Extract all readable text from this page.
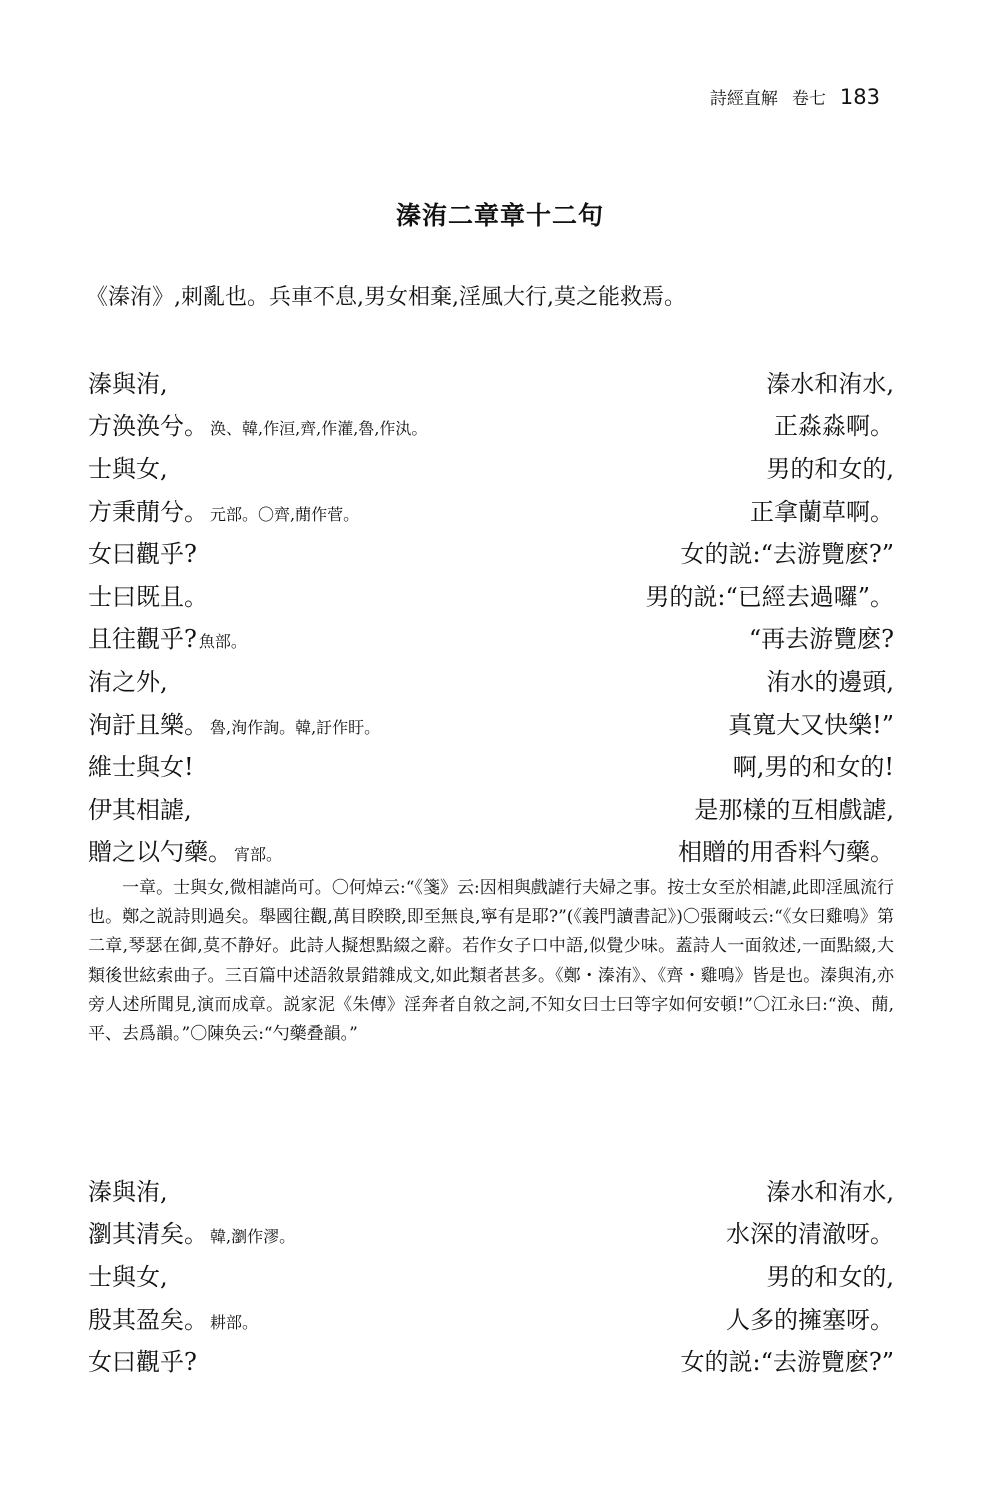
詩經直解 卷七 183
溱洧二章章十二句
《溱洧》,刺亂也。兵車不息,男女相棄,淫風大行,莫之能救焉。
溱與洧,	溱水和洧水,
方涣涣兮。 涣、韓,作洹,齊,作灌,魯,作汍。	正淼淼啊。
士與女,	男的和女的,
方秉蕑兮。 元部。〇齊,蕑作菅。	正拿蘭草啊。
女曰觀乎?	女的説:“去游覽麽?”
士曰既且。	男的説:“已經去過囉”。
且往觀乎? 魚部。	“再去游覽麽?
洧之外,	洧水的邊頭,
洵訏且樂。 魯,洵作詢。韓,訏作盱。	真寬大又快樂!”
維士與女!	啊,男的和女的!
伊其相謔,	是那樣的互相戲謔,
贈之以勺藥。 宵部。	相贈的用香料勺藥。

一章。士與女,微相謔尚可。〇何焯云:“《箋》云:因相與戲謔行夫婦之事。按士女至於相謔,此即淫風流行也。鄭之説詩則過矣。舉國往觀,萬目睽睽,即至無良,寧有是耶?”(《義門讀書記》)〇張爾岐云:“《女曰雞鳴》第二章,琴瑟在御,莫不静好。此詩人擬想點綴之辭。若作女子口中語,似覺少味。蓋詩人一面敘述,一面點綴,大類後世絃索曲子。三百篇中述語敘景錯雜成文,如此類者甚多。《鄭・溱洧》、《齊・雞鳴》皆是也。溱與洧,亦旁人述所聞見,演而成章。説家泥《朱傳》淫奔者自敘之詞,不知女曰士曰等字如何安頓!”〇江永曰:“涣、蕑,平、去爲韻。”〇陳奂云:“勺藥叠韻。”

溱與洧,	溱水和洧水,
瀏其清矣。 韓,瀏作漻。	水深的清澈呀。
士與女,	男的和女的,
殷其盈矣。 耕部。	人多的擁塞呀。
女曰觀乎?	女的説:“去游覽麽?”
